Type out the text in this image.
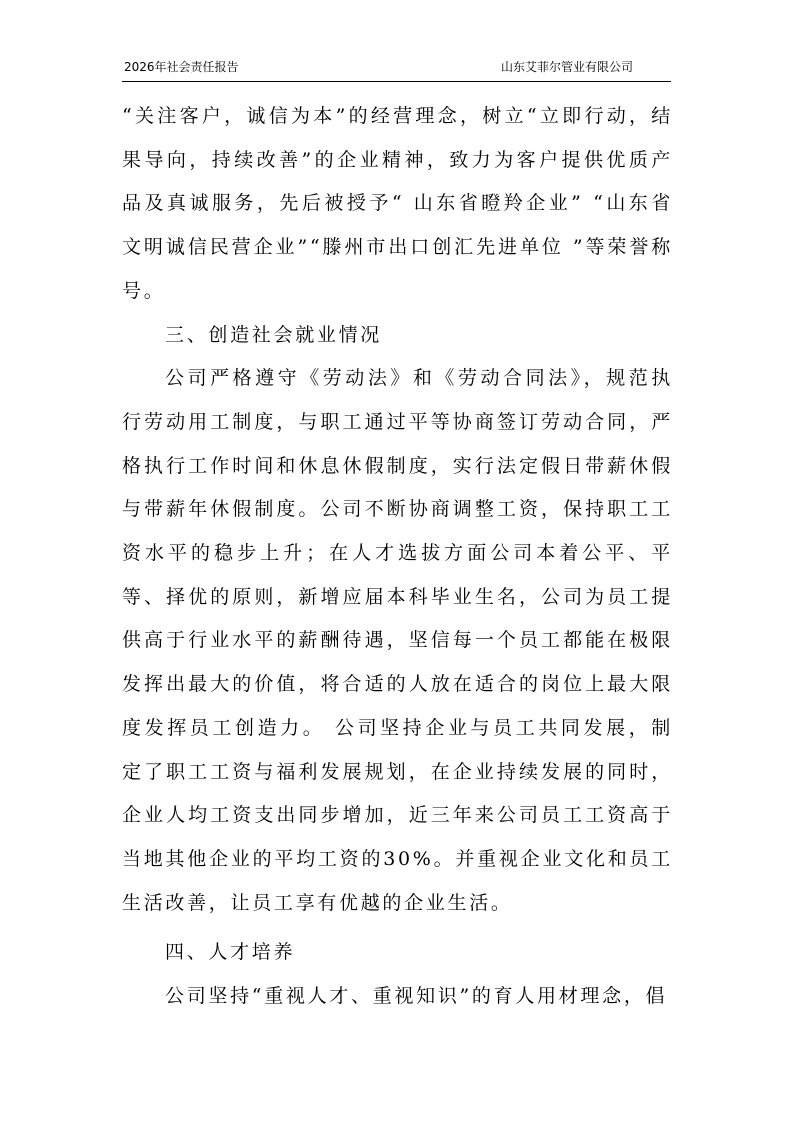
2026年社会责任报告	山东艾菲尔管业有限公司

“关注客户，诚信为本”的经营理念，树立“立即行动，结果导向，持续改善”的企业精神，致力为客户提供优质产品及真诚服务，先后被授予“ 山东省瞪羚企业” “山东省文明诚信民营企业”“滕州市出口创汇先进单位 ”等荣誉称号。

三、创造社会就业情况

公司严格遵守《劳动法》和《劳动合同法》，规范执行劳动用工制度，与职工通过平等协商签订劳动合同，严格执行工作时间和休息休假制度，实行法定假日带薪休假与带薪年休假制度。公司不断协商调整工资，保持职工工资水平的稳步上升；在人才选拔方面公司本着公平、平等、择优的原则，新增应届本科毕业生名，公司为员工提供高于行业水平的薪酬待遇，坚信每一个员工都能在极限发挥出最大的价值，将合适的人放在适合的岗位上最大限度发挥员工创造力。 公司坚持企业与员工共同发展，制定了职工工资与福利发展规划，在企业持续发展的同时，企业人均工资支出同步增加，近三年来公司员工工资高于当地其他企业的平均工资的30%。并重视企业文化和员工生活改善，让员工享有优越的企业生活。

四、人才培养

公司坚持“重视人才、重视知识”的育人用材理念，倡
